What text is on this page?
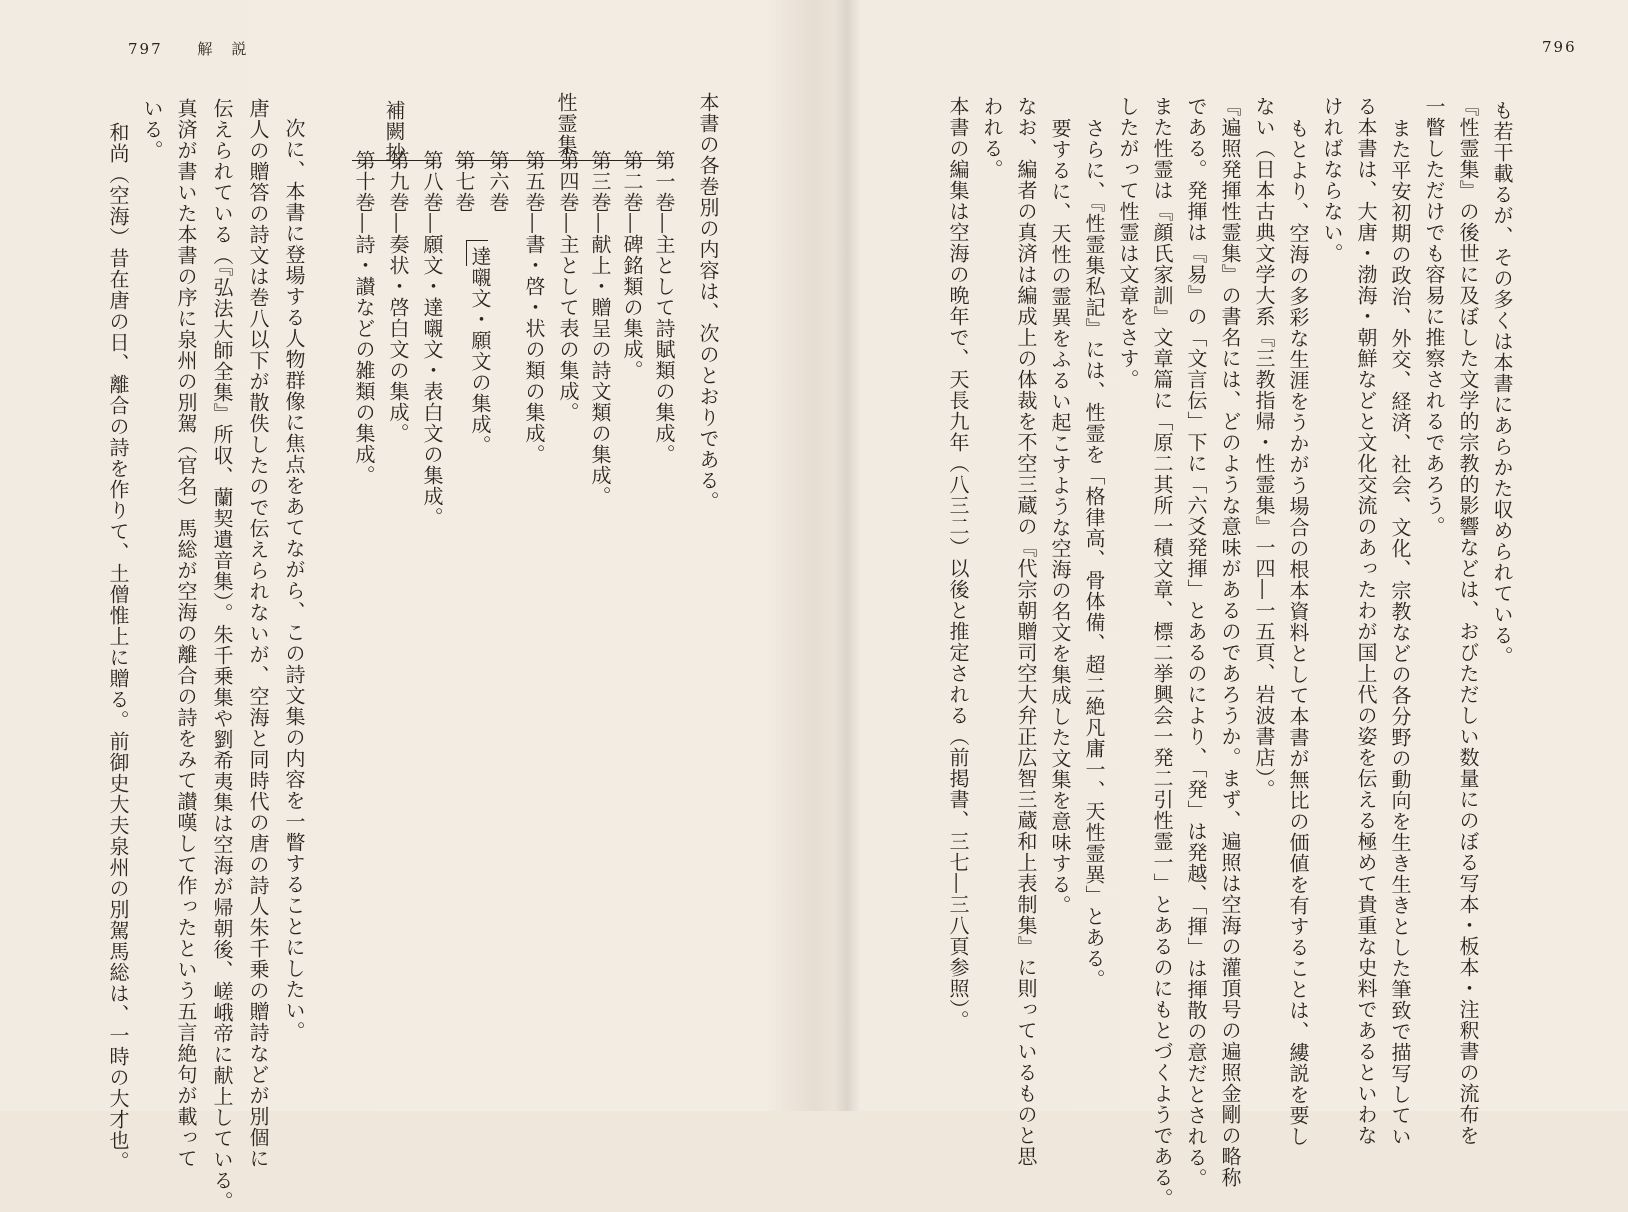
797 解　説
本書の各巻別の内容は、次のとおりである。
性霊集
第一巻―主として詩賦類の集成。
第二巻―碑銘類の集成。
第三巻―献上・贈呈の詩文類の集成。
第四巻―主として表の集成。
第五巻―書・啓・状の類の集成。
第六巻
第七巻
達嚫文・願文の集成。
補闕抄
第八巻―願文・達嚫文・表白文の集成。
第九巻―奏状・啓白文の集成。
第十巻―詩・讃などの雑類の集成。
次に、本書に登場する人物群像に焦点をあてながら、この詩文集の内容を一瞥することにしたい。
唐人の贈答の詩文は巻八以下が散佚したので伝えられないが、空海と同時代の唐の詩人朱千乗の贈詩などが別個に
伝えられている（『弘法大師全集』所収、蘭契遺音集）。朱千乗集や劉希夷集は空海が帰朝後、嵯峨帝に献上している。
真済が書いた本書の序に泉州の別駕（官名）馬総が空海の離合の詩をみて讃嘆して作ったという五言絶句が載って
いる。
和尚（空海）昔在唐の日、離合の詩を作りて、土僧惟上に贈る。前御史大夫泉州の別駕馬総は、一時の大才也。
796
も若干載るが、その多くは本書にあらかた収められている。
『性霊集』の後世に及ぼした文学的宗教的影響などは、おびただしい数量にのぼる写本・板本・注釈書の流布を
一瞥しただけでも容易に推察されるであろう。
また平安初期の政治、外交、経済、社会、文化、宗教などの各分野の動向を生き生きとした筆致で描写してい
る本書は、大唐・渤海・朝鮮などと文化交流のあったわが国上代の姿を伝える極めて貴重な史料であるといわな
ければならない。
もとより、空海の多彩な生涯をうかがう場合の根本資料として本書が無比の価値を有することは、縷説を要し
ない（日本古典文学大系『三教指帰・性霊集』一四―一五頁、岩波書店）。
『遍照発揮性霊集』の書名には、どのような意味があるのであろうか。まず、遍照は空海の灌頂号の遍照金剛の略称
である。発揮は『易』の「文言伝」下に「六爻発揮」とあるのにより、「発」は発越、「揮」は揮散の意だとされる。
また性霊は『顔氏家訓』文章篇に「原二其所一積文章、標二挙興会一発二引性霊一」とあるのにもとづくようである。
したがって性霊は文章をさす。
さらに、『性霊集私記』には、性霊を「格律高、骨体備、超二絶凡庸一、天性霊異」とある。
要するに、天性の霊異をふるい起こすような空海の名文を集成した文集を意味する。
なお、編者の真済は編成上の体裁を不空三蔵の『代宗朝贈司空大弁正広智三蔵和上表制集』に則っているものと思
われる。
本書の編集は空海の晩年で、天長九年（八三二）以後と推定される（前掲書、三七―三八頁参照）。
